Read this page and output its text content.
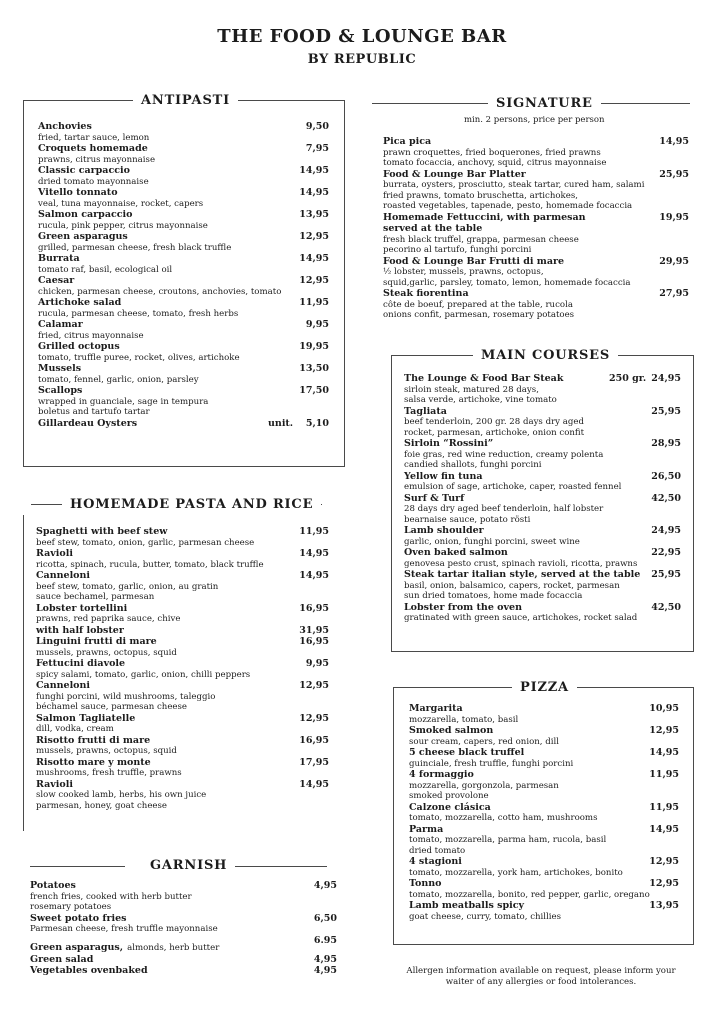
THE FOOD & LOUNGE BAR
BY REPUBLIC
ANTIPASTI
Anchovies
fried, tartar sauce, lemon
9,50
Croquets homemade
prawns, citrus mayonnaise
7,95
Classic carpaccio
dried tomato mayonnaise
14,95
Vitello tonnato
veal, tuna mayonnaise, rocket, capers
14,95
Salmon carpaccio
rucula, pink pepper, citrus mayonnaise
13,95
Green asparagus
grilled, parmesan cheese, fresh black truffle
12,95
Burrata
tomato raf, basil, ecological oil
14,95
Caesar
chicken, parmesan cheese, croutons, anchovies, tomato
12,95
Artichoke salad
rucula, parmesan cheese, tomato, fresh herbs
11,95
Calamar
fried, citrus mayonnaise
9,95
Grilled octopus
tomato, truffle puree, rocket, olives, artichoke
19,95
Mussels
tomato, fennel, garlic, onion, parsley
13,50
Scallops
wrapped in guanciale, sage in tempura
boletus and tartufo tartar
17,50
Gillardeau Oysters	unit. 5,10
SIGNATURE
min. 2 persons, price per person
Pica pica
prawn croquettes, fried boquerones, fried prawns
tomato focaccia, anchovy, squid, citrus mayonnaise
14,95
Food & Lounge Bar Platter
burrata, oysters, prosciutto, steak tartar, cured ham, salami
fried prawns, tomato bruschetta, artichokes,
roasted vegetables, tapenade, pesto, homemade focaccia
25,95
Homemade Fettuccini, with parmesan
served at the table
fresh black truffel, grappa, parmesan cheese
pecorino al tartufo, funghi porcini
19,95
Food & Lounge Bar Frutti di mare
½ lobster, mussels, prawns, octopus,
squid,garlic, parsley, tomato, lemon, homemade focaccia
29,95
Steak fiorentina
côte de boeuf, prepared at the table, rucola
onions confit, parmesan, rosemary potatoes
27,95
MAIN COURSES
The Lounge & Food Bar Steak
sirloin steak, matured 28 days,
salsa verde, artichoke, vine tomato
250 gr. 24,95
Tagliata
beef tenderloin, 200 gr. 28 days dry aged
rocket, parmesan, artichoke, onion confit
25,95
Sirloin “Rossini”
foie gras, red wine reduction, creamy polenta
candied shallots, funghi porcini
28,95
Yellow fin tuna
emulsion of sage, artichoke, caper, roasted fennel
26,50
Surf & Turf
28 days dry aged beef tenderloin, half lobster
bearnaise sauce, potato rösti
42,50
Lamb shoulder
garlic, onion, funghi porcini, sweet wine
24,95
Oven baked salmon
genovesa pesto crust, spinach ravioli, ricotta, prawns
22,95
Steak tartar italian style, served at the table
basil, onion, balsamico, capers, rocket, parmesan
sun dried tomatoes, home made focaccia
25,95
Lobster from the oven
gratinated with green sauce, artichokes, rocket salad
42,50
HOMEMADE PASTA AND RICE
Spaghetti with beef stew
beef stew, tomato, onion, garlic, parmesan cheese
11,95
Ravioli
ricotta, spinach, rucula, butter, tomato, black truffle
14,95
Canneloni
beef stew, tomato, garlic, onion, au gratin
sauce bechamel, parmesan
14,95
Lobster tortellini
prawns, red paprika sauce, chive
16,95
with half lobster	31,95
Linguini frutti di mare
mussels, prawns, octopus, squid
16,95
Fettucini diavole
spicy salami, tomato, garlic, onion, chilli peppers
9,95
Canneloni
funghi porcini, wild mushrooms, taleggio
béchamel sauce, parmesan cheese
12,95
Salmon Tagliatelle
dill, vodka, cream
12,95
Risotto frutti di mare
mussels, prawns, octopus, squid
16,95
Risotto mare y monte
mushrooms, fresh truffle, prawns
17,95
Ravioli
slow cooked lamb, herbs, his own juice
parmesan, honey, goat cheese
14,95
PIZZA
Margarita
mozzarella, tomato, basil
10,95
Smoked salmon
sour cream, capers, red onion, dill
12,95
5 cheese black truffel
guinciale, fresh truffle, funghi porcini
14,95
4 formaggio
mozzarella, gorgonzola, parmesan
smoked provolone
11,95
Calzone clásica
tomato, mozzarella, cotto ham, mushrooms
11,95
Parma
tomato, mozzarella, parma ham, rucola, basil
dried tomato
14,95
4 stagioni
tomato, mozzarella, york ham, artichokes, bonito
12,95
Tonno
tomato, mozzarella, bonito, red pepper, garlic, oregano
12,95
Lamb meatballs spicy
goat cheese, curry, tomato, chillies
13,95
GARNISH
Potatoes
french fries, cooked with herb butter
rosemary potatoes
4,95
Sweet potato fries
Parmesan cheese, fresh truffle mayonnaise
6,50
Green asparagus, almonds, herb butter
6.95
Green salad	4,95
Vegetables ovenbaked	4,95	Allergen information available on request, please inform your waiter of any allergies or food intolerances.
